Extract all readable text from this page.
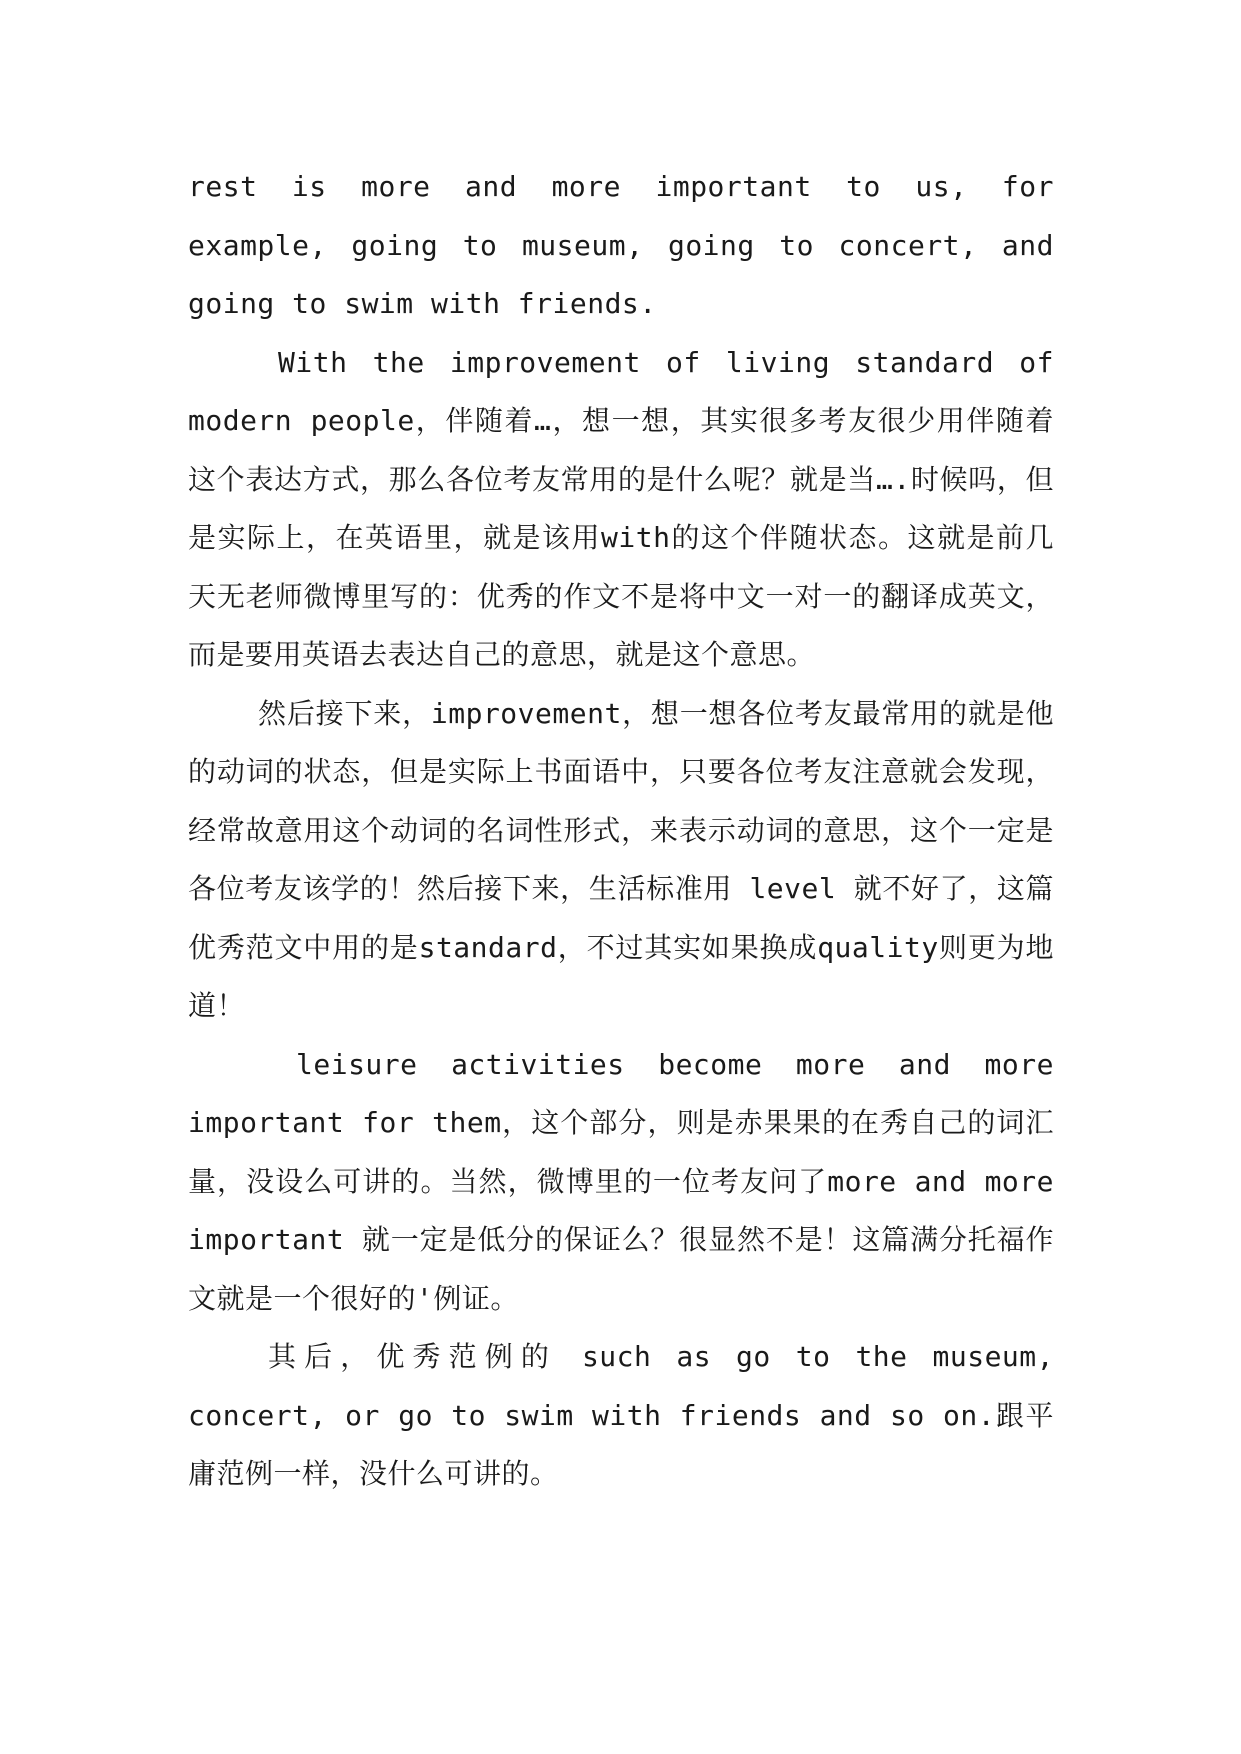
rest is more and more important to us, for example, going to museum, going to concert, and going to swim with friends.

With the improvement of living standard of modern people，伴随着…，想一想，其实很多考友很少用伴随着这个表达方式，那么各位考友常用的是什么呢？就是当….时候吗，但是实际上，在英语里，就是该用with的这个伴随状态。这就是前几天无老师微博里写的：优秀的作文不是将中文一对一的翻译成英文，而是要用英语去表达自己的意思，就是这个意思。

然后接下来，improvement，想一想各位考友最常用的就是他的动词的状态，但是实际上书面语中，只要各位考友注意就会发现，经常故意用这个动词的名词性形式，来表示动词的意思，这个一定是各位考友该学的！然后接下来，生活标准用 level 就不好了，这篇优秀范文中用的是standard，不过其实如果换成quality则更为地道！

leisure activities become more and more important for them，这个部分，则是赤果果的在秀自己的词汇量，没设么可讲的。当然，微博里的一位考友问了more and more important 就一定是低分的保证么？很显然不是！这篇满分托福作文就是一个很好的'例证。

其后，优秀范例的 such as go to the museum, concert, or go to swim with friends and so on.跟平庸范例一样，没什么可讲的。
